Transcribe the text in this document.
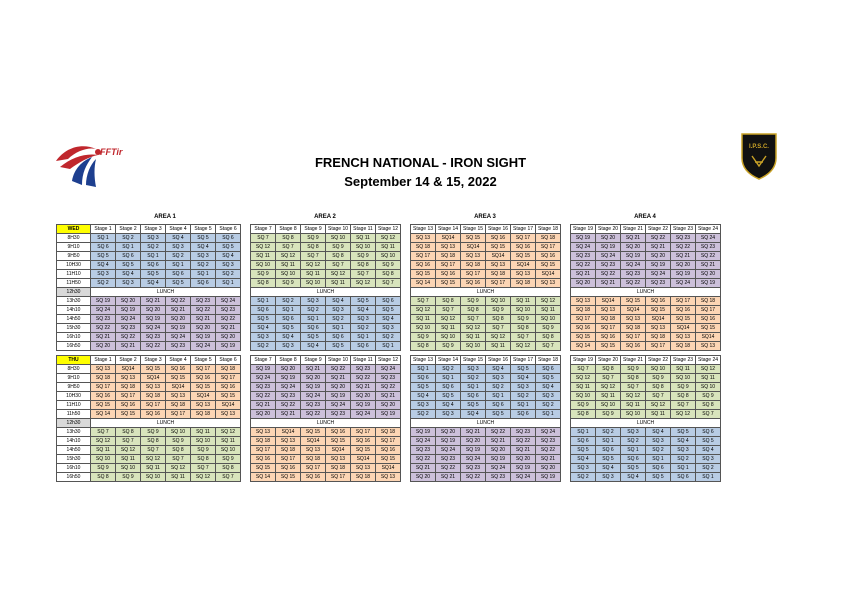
FFTir	I.P.S.C.
FRENCH NATIONAL - IRON SIGHT
September 14 & 15, 2022
AREA 1	AREA 2	AREA 3	AREA 4
WED	Stage 1	Stage 2	Stage 3	Stage 4	Stage 5	Stage 6		Stage 7	Stage 8	Stage 9	Stage 10	Stage 11	Stage 12		Stage 13	Stage 14	Stage 15	Stage 16	Stage 17	Stage 18		Stage 19	Stage 20	Stage 21	Stage 22	Stage 23	Stage 24
8H30	SQ 1	SQ 2	SQ 3	SQ 4	SQ 5	SQ 6		SQ 7	SQ 8	SQ 9	SQ 10	SQ 11	SQ 12		SQ 13	SQ14	SQ 15	SQ 16	SQ 17	SQ 18		SQ 19	SQ 20	SQ 21	SQ 22	SQ 23	SQ 24
9H10	SQ 6	SQ 1	SQ 2	SQ 3	SQ 4	SQ 5		SQ 12	SQ 7	SQ 8	SQ 9	SQ 10	SQ 11		SQ 18	SQ 13	SQ14	SQ 15	SQ 16	SQ 17		SQ 24	SQ 19	SQ 20	SQ 21	SQ 22	SQ 23
9H50	SQ 5	SQ 6	SQ 1	SQ 2	SQ 3	SQ 4		SQ 11	SQ 12	SQ 7	SQ 8	SQ 9	SQ 10		SQ 17	SQ 18	SQ 13	SQ14	SQ 15	SQ 16		SQ 23	SQ 24	SQ 19	SQ 20	SQ 21	SQ 22
10H30	SQ 4	SQ 5	SQ 6	SQ 1	SQ 2	SQ 3		SQ 10	SQ 11	SQ 12	SQ 7	SQ 8	SQ 9		SQ 16	SQ 17	SQ 18	SQ 13	SQ14	SQ 15		SQ 22	SQ 23	SQ 24	SQ 19	SQ 20	SQ 21
11H10	SQ 3	SQ 4	SQ 5	SQ 6	SQ 1	SQ 2		SQ 9	SQ 10	SQ 11	SQ 12	SQ 7	SQ 8		SQ 15	SQ 16	SQ 17	SQ 18	SQ 13	SQ14		SQ 21	SQ 22	SQ 23	SQ 24	SQ 19	SQ 20
11H50	SQ 2	SQ 3	SQ 4	SQ 5	SQ 6	SQ 1		SQ 8	SQ 9	SQ 10	SQ 11	SQ 12	SQ 7		SQ 14	SQ 15	SQ 16	SQ 17	SQ 18	SQ 13		SQ 20	SQ 21	SQ 22	SQ 23	SQ 24	SQ 19
12h30	LUNCH							LUNCH							LUNCH							LUNCH					
13h30	SQ 19	SQ 20	SQ 21	SQ 22	SQ 23	SQ 24		SQ 1	SQ 2	SQ 3	SQ 4	SQ 5	SQ 6		SQ 7	SQ 8	SQ 9	SQ 10	SQ 11	SQ 12		SQ 13	SQ14	SQ 15	SQ 16	SQ 17	SQ 18
14h10	SQ 24	SQ 19	SQ 20	SQ 21	SQ 22	SQ 23		SQ 6	SQ 1	SQ 2	SQ 3	SQ 4	SQ 5		SQ 12	SQ 7	SQ 8	SQ 9	SQ 10	SQ 11		SQ 18	SQ 13	SQ14	SQ 15	SQ 16	SQ 17
14h50	SQ 23	SQ 24	SQ 19	SQ 20	SQ 21	SQ 22		SQ 5	SQ 6	SQ 1	SQ 2	SQ 3	SQ 4		SQ 11	SQ 12	SQ 7	SQ 8	SQ 9	SQ 10		SQ 17	SQ 18	SQ 13	SQ14	SQ 15	SQ 16
15h30	SQ 22	SQ 23	SQ 24	SQ 19	SQ 20	SQ 21		SQ 4	SQ 5	SQ 6	SQ 1	SQ 2	SQ 3		SQ 10	SQ 11	SQ 12	SQ 7	SQ 8	SQ 9		SQ 16	SQ 17	SQ 18	SQ 13	SQ14	SQ 15
16h10	SQ 21	SQ 22	SQ 23	SQ 24	SQ 19	SQ 20		SQ 3	SQ 4	SQ 5	SQ 6	SQ 1	SQ 2		SQ 9	SQ 10	SQ 11	SQ 12	SQ 7	SQ 8		SQ 15	SQ 16	SQ 17	SQ 18	SQ 13	SQ14
16h50	SQ 20	SQ 21	SQ 22	SQ 23	SQ 24	SQ 19		SQ 2	SQ 3	SQ 4	SQ 5	SQ 6	SQ 1		SQ 8	SQ 9	SQ 10	SQ 11	SQ 12	SQ 7		SQ 14	SQ 15	SQ 16	SQ 17	SQ 18	SQ 13
THU	Stage 1	Stage 2	Stage 3	Stage 4	Stage 5	Stage 6		Stage 7	Stage 8	Stage 9	Stage 10	Stage 11	Stage 12		Stage 13	Stage 14	Stage 15	Stage 16	Stage 17	Stage 18		Stage 19	Stage 20	Stage 21	Stage 22	Stage 23	Stage 24
8H30	SQ 13	SQ14	SQ 15	SQ 16	SQ 17	SQ 18		SQ 19	SQ 20	SQ 21	SQ 22	SQ 23	SQ 24		SQ 1	SQ 2	SQ 3	SQ 4	SQ 5	SQ 6		SQ 7	SQ 8	SQ 9	SQ 10	SQ 11	SQ 12
9H10	SQ 18	SQ 13	SQ14	SQ 15	SQ 16	SQ 17		SQ 24	SQ 19	SQ 20	SQ 21	SQ 22	SQ 23		SQ 6	SQ 1	SQ 2	SQ 3	SQ 4	SQ 5		SQ 12	SQ 7	SQ 8	SQ 9	SQ 10	SQ 11
9H50	SQ 17	SQ 18	SQ 13	SQ14	SQ 15	SQ 16		SQ 23	SQ 24	SQ 19	SQ 20	SQ 21	SQ 22		SQ 5	SQ 6	SQ 1	SQ 2	SQ 3	SQ 4		SQ 11	SQ 12	SQ 7	SQ 8	SQ 9	SQ 10
10H30	SQ 16	SQ 17	SQ 18	SQ 13	SQ14	SQ 15		SQ 22	SQ 23	SQ 24	SQ 19	SQ 20	SQ 21		SQ 4	SQ 5	SQ 6	SQ 1	SQ 2	SQ 3		SQ 10	SQ 11	SQ 12	SQ 7	SQ 8	SQ 9
11H10	SQ 15	SQ 16	SQ 17	SQ 18	SQ 13	SQ14		SQ 21	SQ 22	SQ 23	SQ 24	SQ 19	SQ 20		SQ 3	SQ 4	SQ 5	SQ 6	SQ 1	SQ 2		SQ 9	SQ 10	SQ 11	SQ 12	SQ 7	SQ 8
11h50	SQ 14	SQ 15	SQ 16	SQ 17	SQ 18	SQ 13		SQ 20	SQ 21	SQ 22	SQ 23	SQ 24	SQ 19		SQ 2	SQ 3	SQ 4	SQ 5	SQ 6	SQ 1		SQ 8	SQ 9	SQ 10	SQ 11	SQ 12	SQ 7
12h30	LUNCH							LUNCH							LUNCH							LUNCH					
13h30	SQ 7	SQ 8	SQ 9	SQ 10	SQ 11	SQ 12		SQ 13	SQ14	SQ 15	SQ 16	SQ 17	SQ 18		SQ 19	SQ 20	SQ 21	SQ 22	SQ 23	SQ 24		SQ 1	SQ 2	SQ 3	SQ 4	SQ 5	SQ 6
14h10	SQ 12	SQ 7	SQ 8	SQ 9	SQ 10	SQ 11		SQ 18	SQ 13	SQ14	SQ 15	SQ 16	SQ 17		SQ 24	SQ 19	SQ 20	SQ 21	SQ 22	SQ 23		SQ 6	SQ 1	SQ 2	SQ 3	SQ 4	SQ 5
14h50	SQ 11	SQ 12	SQ 7	SQ 8	SQ 9	SQ 10		SQ 17	SQ 18	SQ 13	SQ14	SQ 15	SQ 16		SQ 23	SQ 24	SQ 19	SQ 20	SQ 21	SQ 22		SQ 5	SQ 6	SQ 1	SQ 2	SQ 3	SQ 4
15h30	SQ 10	SQ 11	SQ 12	SQ 7	SQ 8	SQ 9		SQ 16	SQ 17	SQ 18	SQ 13	SQ14	SQ 15		SQ 22	SQ 23	SQ 24	SQ 19	SQ 20	SQ 21		SQ 4	SQ 5	SQ 6	SQ 1	SQ 2	SQ 3
16h10	SQ 9	SQ 10	SQ 11	SQ 12	SQ 7	SQ 8		SQ 15	SQ 16	SQ 17	SQ 18	SQ 13	SQ14		SQ 21	SQ 22	SQ 23	SQ 24	SQ 19	SQ 20		SQ 3	SQ 4	SQ 5	SQ 6	SQ 1	SQ 2
16h50	SQ 8	SQ 9	SQ 10	SQ 11	SQ 12	SQ 7		SQ 14	SQ 15	SQ 16	SQ 17	SQ 18	SQ 13		SQ 20	SQ 21	SQ 22	SQ 23	SQ 24	SQ 19		SQ 2	SQ 3	SQ 4	SQ 5	SQ 6	SQ 1
